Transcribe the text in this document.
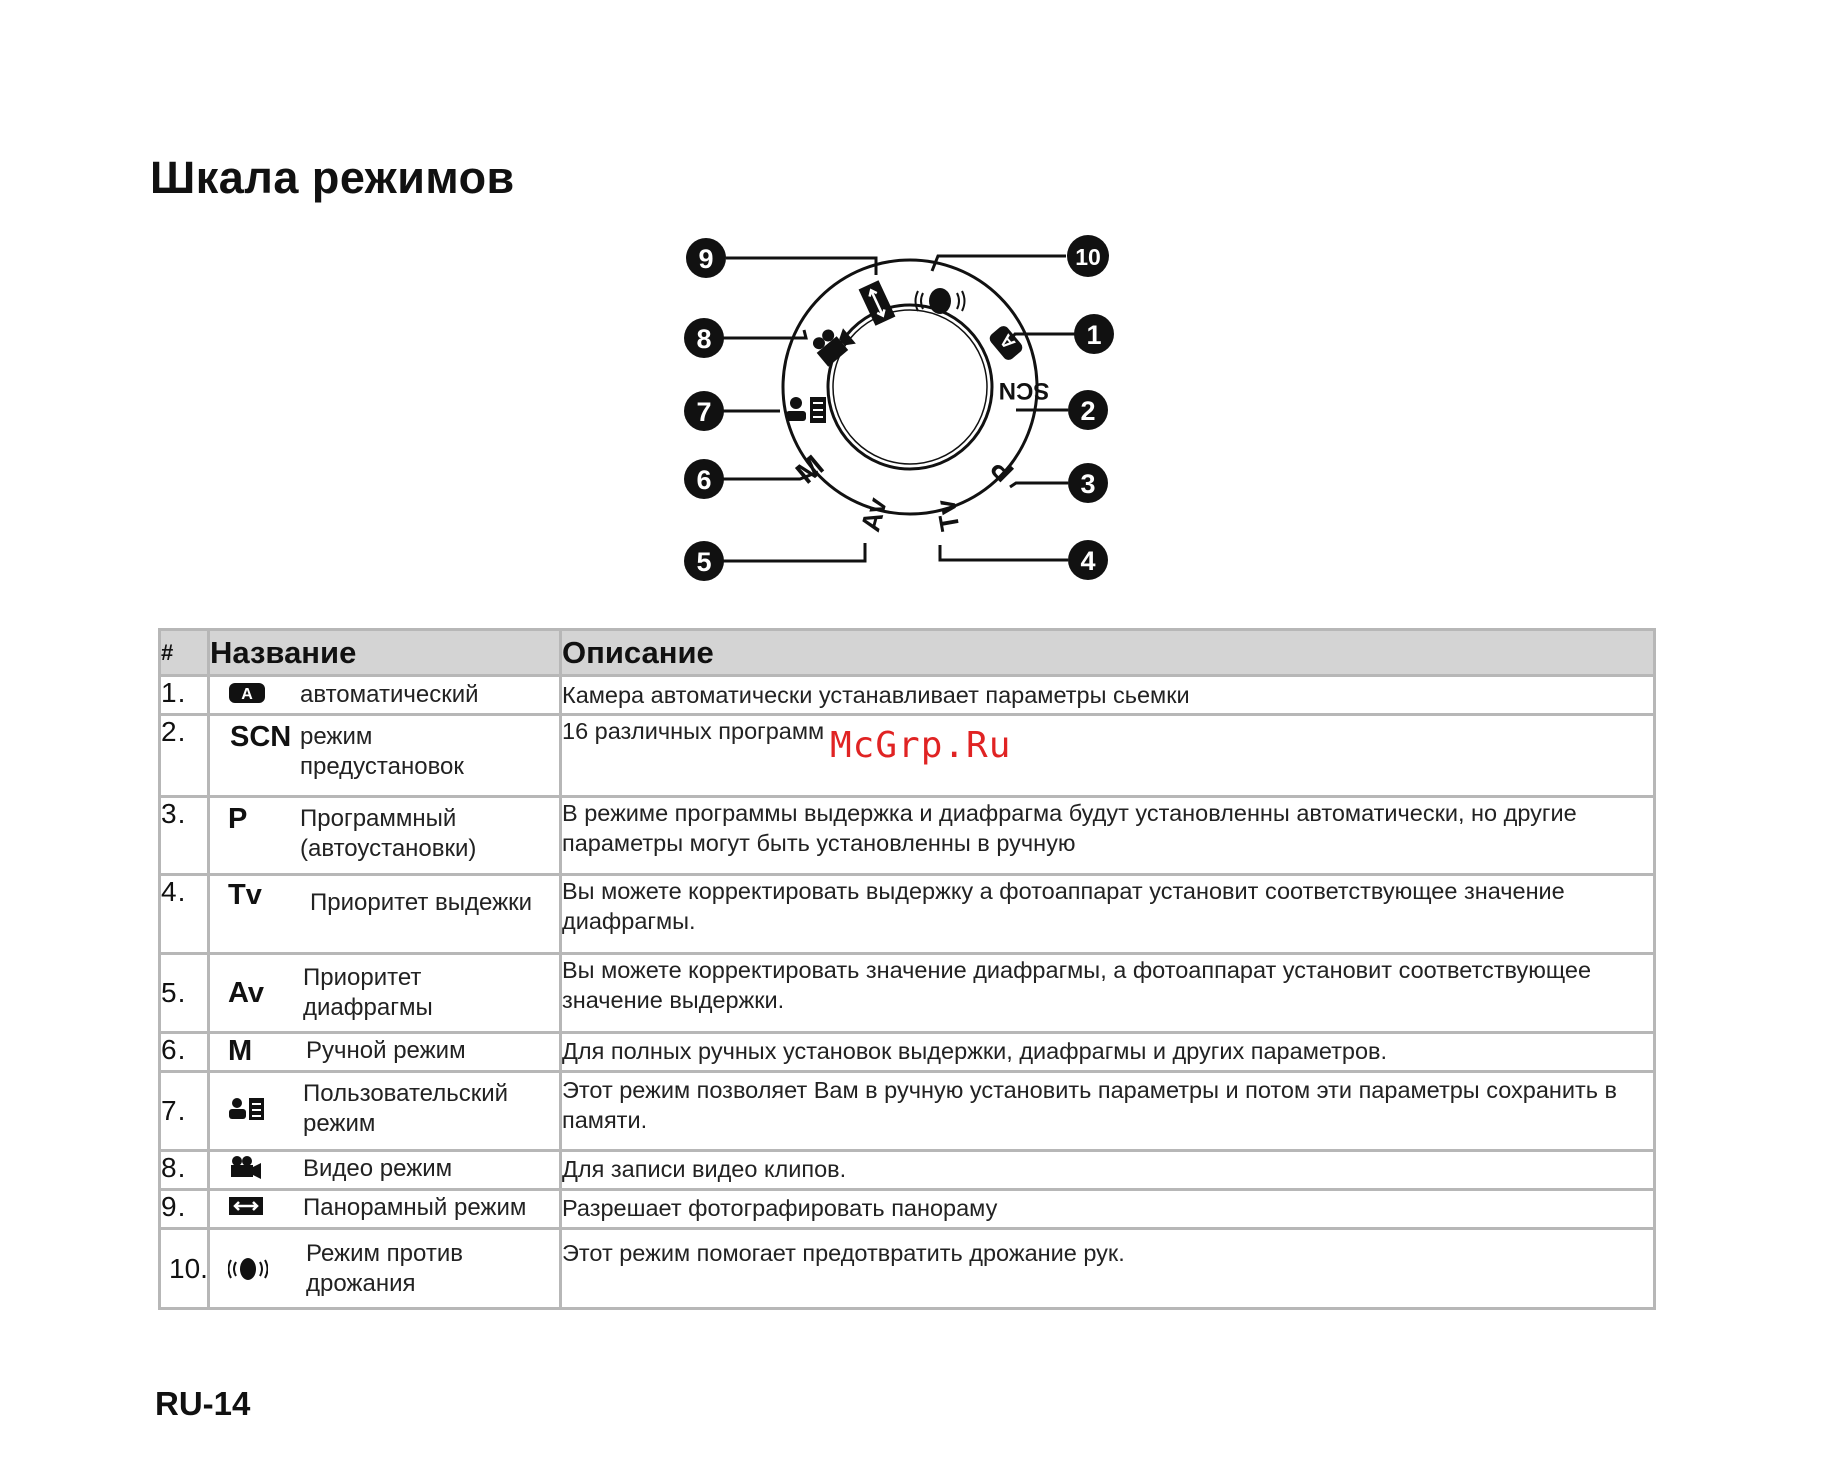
Шкала режимов
9	10
8	1
7	2
6	3
5	4
SCN
P
Tv
Av
M
A
#	Название	Описание
1.	A автоматический	Камера автоматически устанавливает параметры сьемки
2.	SCN режим предустановок	16 различных программ
3.	P Программный (автоустановки)	В режиме программы выдержка и диафрагма будут установленны автоматически, но другие параметры могут быть установленны в ручную
4.	Tv Приоритет выдежки	Вы можете корректировать выдержку а фотоаппарат установит соответствующее значение диафрагмы.
5.	Av Приоритет диафрагмы	Вы можете корректировать значение диафрагмы, а фотоаппарат установит соответствующее значение выдержки.
6.	M Ручной режим	Для полных ручных установок выдержки, диафрагмы и других параметров.
7.	Пользовательский режим	Этот режим позволяет Вам в ручную установить параметры и потом эти параметры сохранить в памяти.
8.	Видео режим	Для записи видео клипов.
9.	Панорамный режим	Разрешает фотографировать панораму
10.	Режим против дрожания	Этот режим помогает предотвратить дрожание рук.
McGrp.Ru
RU-14
